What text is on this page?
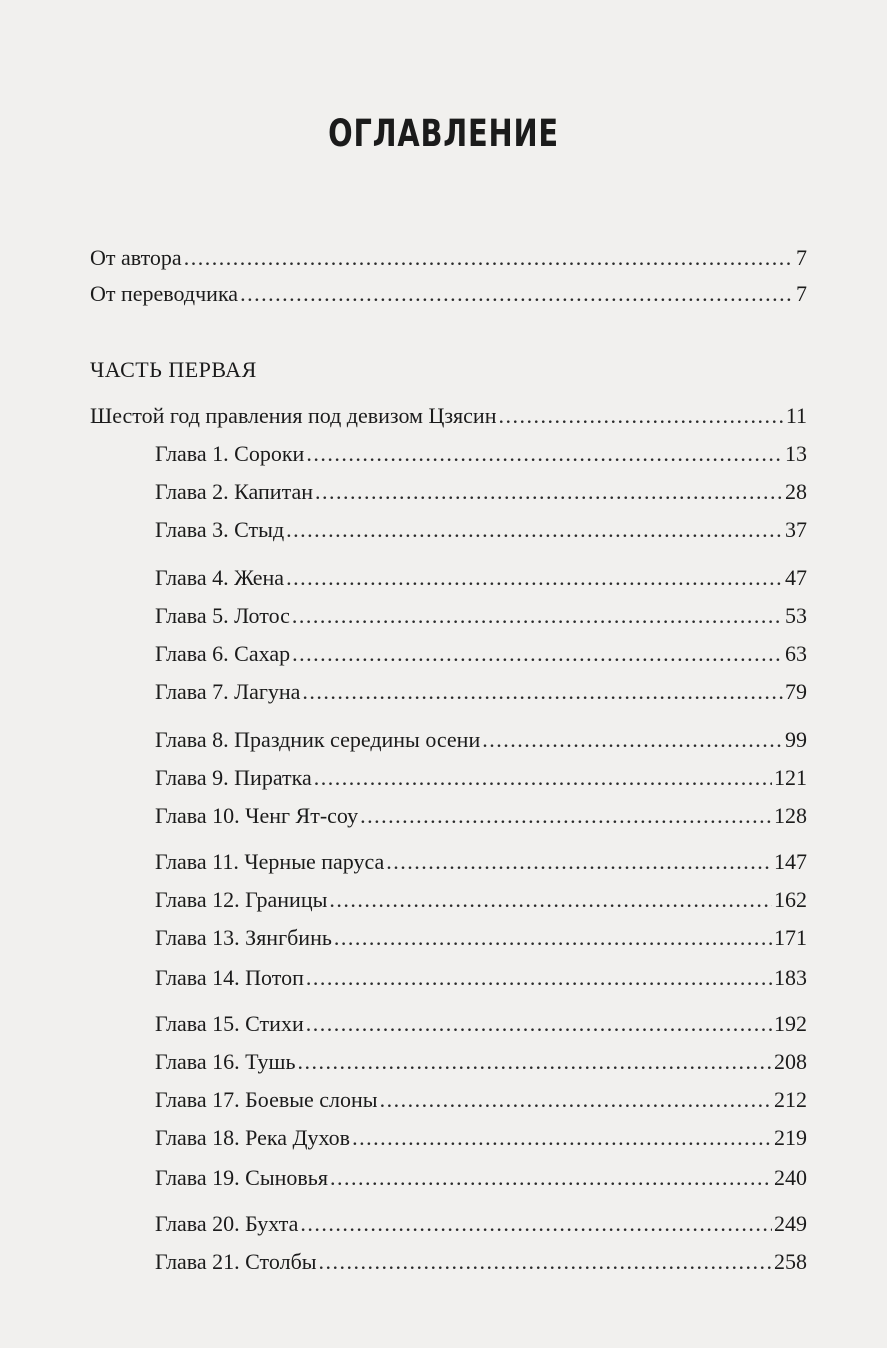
ОГЛАВЛЕНИЕ
От автора . . .	7
От переводчика . . .	7
ЧАСТЬ ПЕРВАЯ
Шестой год правления под девизом Цзясин . . .	11
Глава 1. Сороки . . .	13
Глава 2. Капитан . . .	28
Глава 3. Стыд . . .	37
Глава 4. Жена . . .	47
Глава 5. Лотос . . .	53
Глава 6. Сахар . . .	63
Глава 7. Лагуна . . .	79
Глава 8. Праздник середины осени . . .	99
Глава 9. Пиратка . . .	121
Глава 10. Ченг Ят-соу . . .	128
Глава 11. Черные паруса . . .	147
Глава 12. Границы . . .	162
Глава 13. Зянгбинь . . .	171
Глава 14. Потоп . . .	183
Глава 15. Стихи . . .	192
Глава 16. Тушь . . .	208
Глава 17. Боевые слоны . . .	212
Глава 18. Река Духов . . .	219
Глава 19. Сыновья . . .	240
Глава 20. Бухта . . .	249
Глава 21. Столбы . . .	258
